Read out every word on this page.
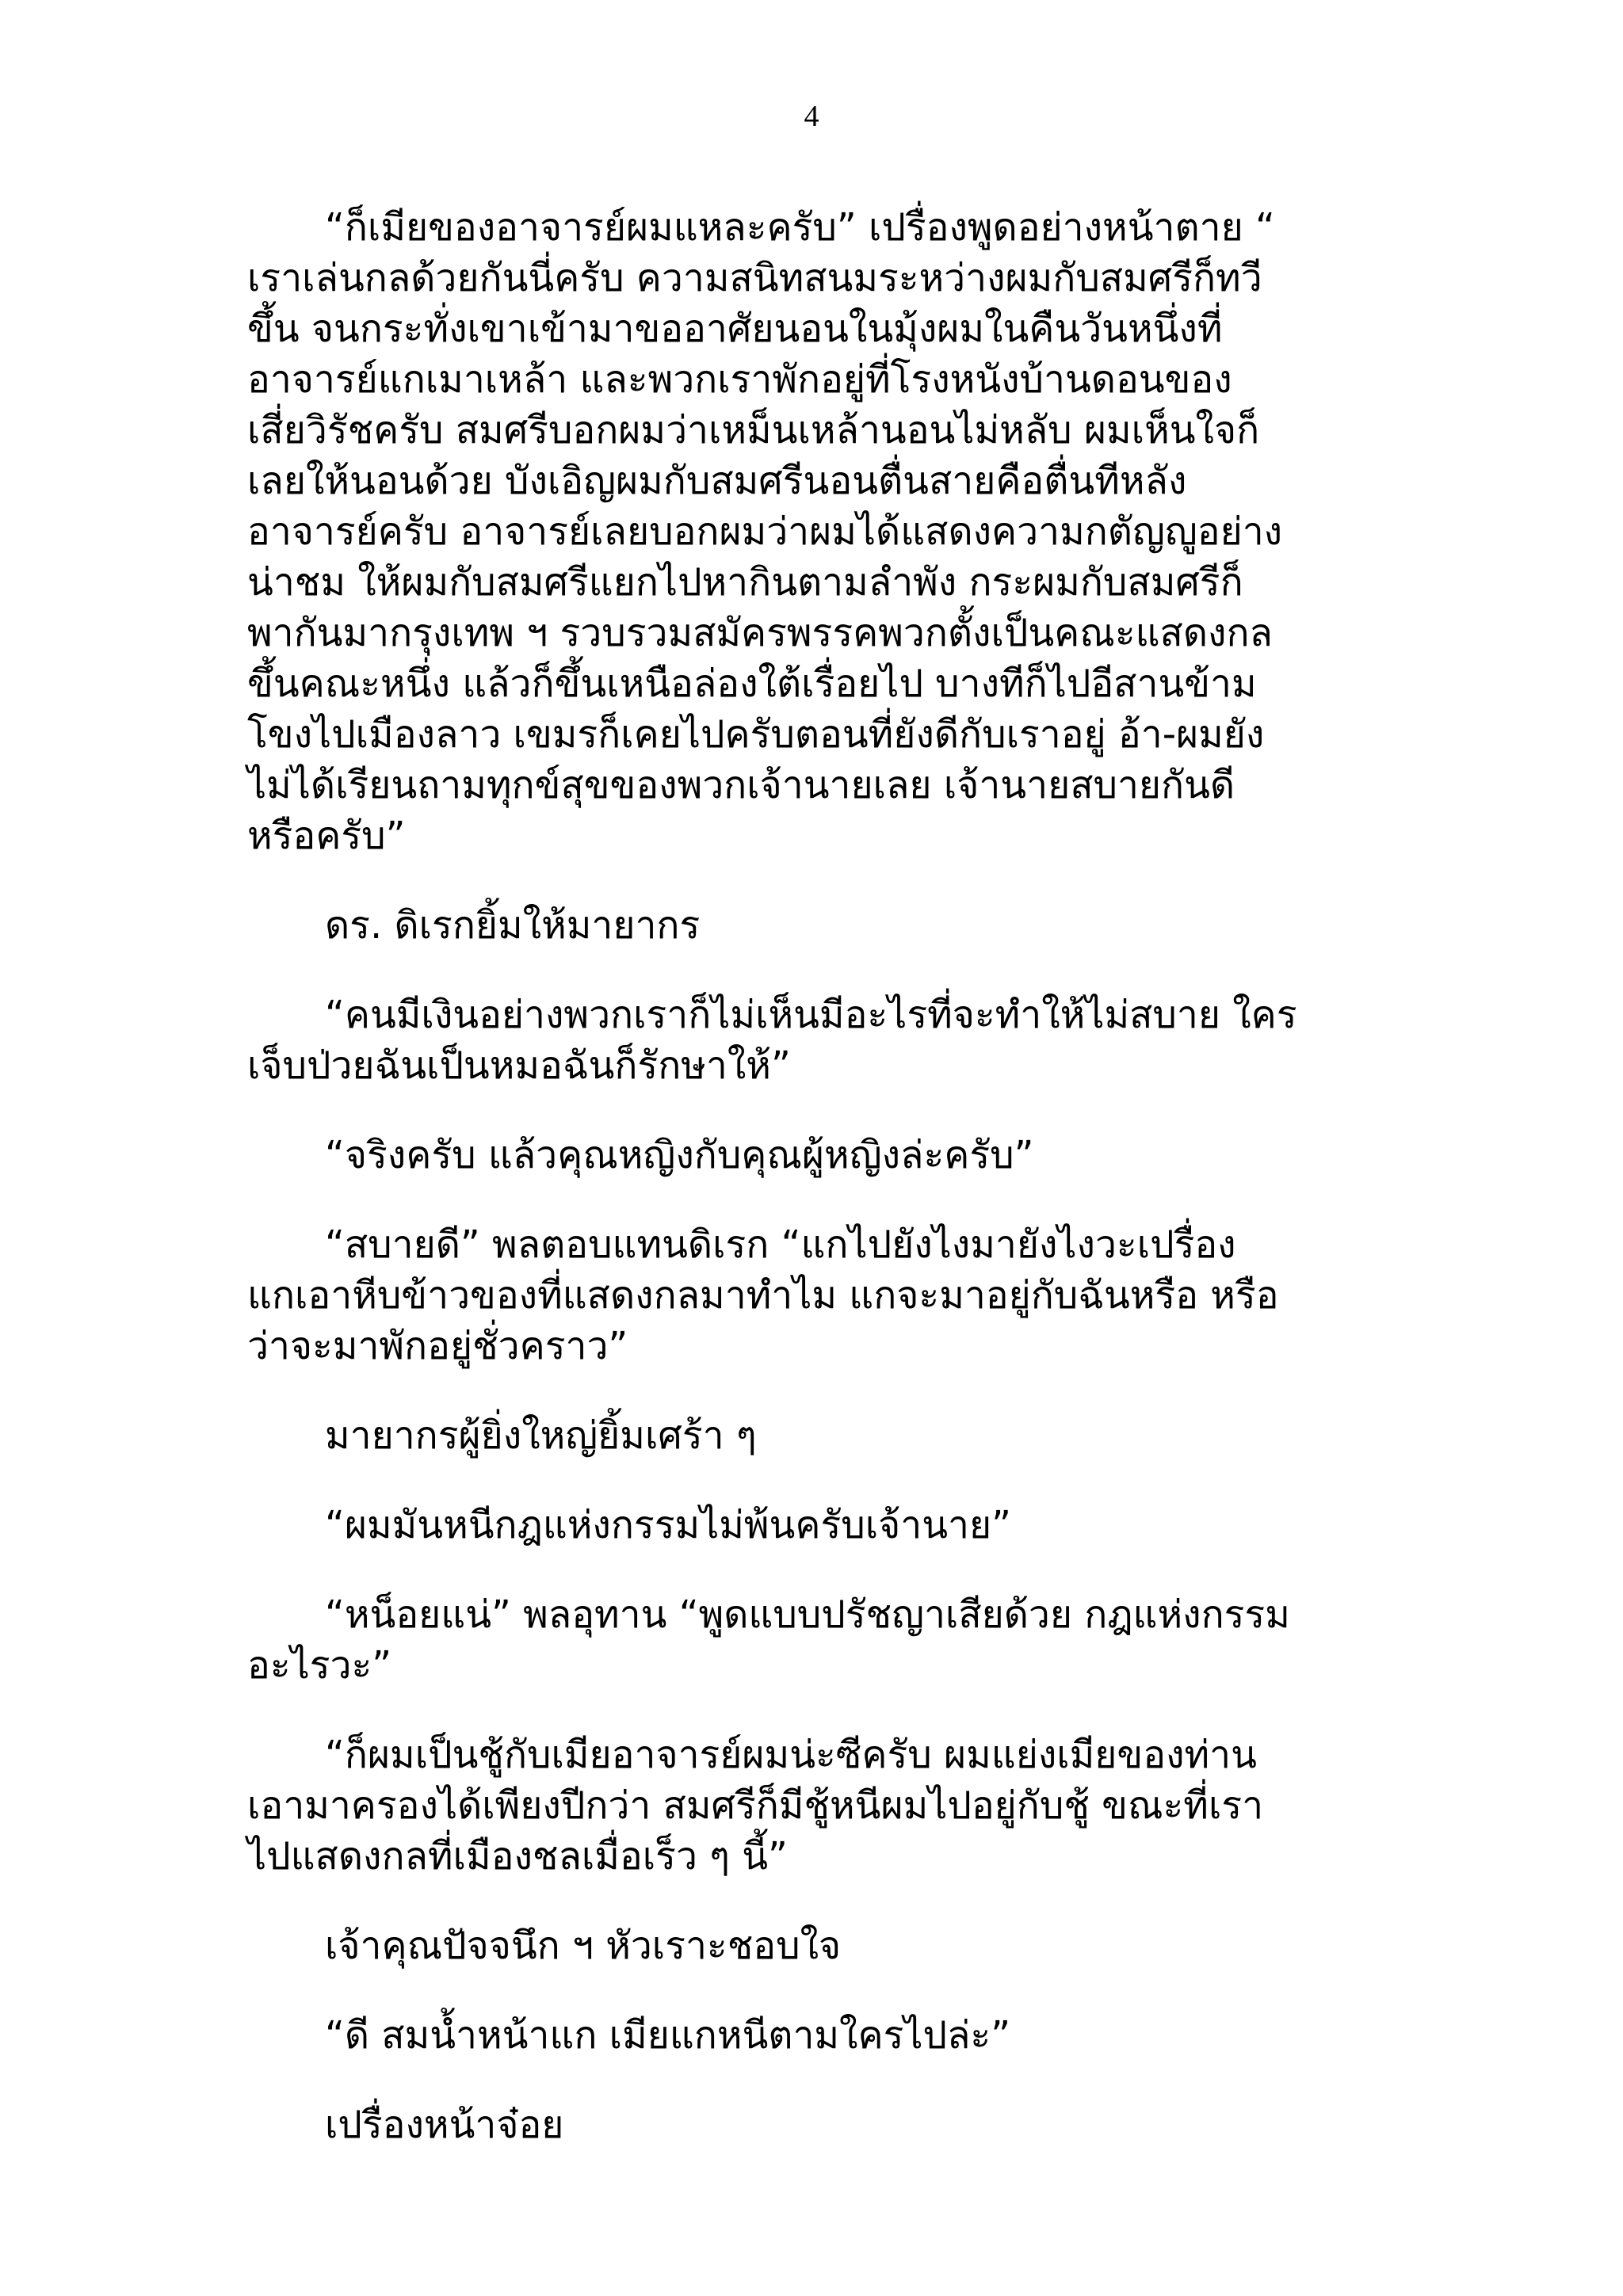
4
“ก็เมียของอาจารย์ผมแหละครับ” เปรื่องพูดอย่างหน้าตาย “
เราเล่นกลด้วยกันนี่ครับ ความสนิทสนมระหว่างผมกับสมศรีก็ทวี
ขึ้น จนกระทั่งเขาเข้ามาขออาศัยนอนในมุ้งผมในคืนวันหนึ่งที่
อาจารย์แกเมาเหล้า และพวกเราพักอยู่ที่โรงหนังบ้านดอนของ
เสี่ยวิรัชครับ สมศรีบอกผมว่าเหม็นเหล้านอนไม่หลับ ผมเห็นใจก็
เลยให้นอนด้วย บังเอิญผมกับสมศรีนอนตื่นสายคือตื่นทีหลัง
อาจารย์ครับ อาจารย์เลยบอกผมว่าผมได้แสดงความกตัญญูอย่าง
น่าชม ให้ผมกับสมศรีแยกไปหากินตามลำพัง กระผมกับสมศรีก็
พากันมากรุงเทพ ฯ รวบรวมสมัครพรรคพวกตั้งเป็นคณะแสดงกล
ขึ้นคณะหนึ่ง แล้วก็ขึ้นเหนือล่องใต้เรื่อยไป บางทีก็ไปอีสานข้าม
โขงไปเมืองลาว เขมรก็เคยไปครับตอนที่ยังดีกับเราอยู่ อ้า-ผมยัง
ไม่ได้เรียนถามทุกข์สุขของพวกเจ้านายเลย เจ้านายสบายกันดี
หรือครับ”
ดร. ดิเรกยิ้มให้มายากร
“คนมีเงินอย่างพวกเราก็ไม่เห็นมีอะไรที่จะทำให้ไม่สบาย ใคร
เจ็บป่วยฉันเป็นหมอฉันก็รักษาให้”
“จริงครับ แล้วคุณหญิงกับคุณผู้หญิงล่ะครับ”
“สบายดี” พลตอบแทนดิเรก “แกไปยังไงมายังไงวะเปรื่อง
แกเอาหีบข้าวของที่แสดงกลมาทำไม แกจะมาอยู่กับฉันหรือ หรือ
ว่าจะมาพักอยู่ชั่วคราว”
มายากรผู้ยิ่งใหญ่ยิ้มเศร้า ๆ
“ผมมันหนีกฎแห่งกรรมไม่พ้นครับเจ้านาย”
“หน็อยแน่” พลอุทาน “พูดแบบปรัชญาเสียด้วย กฎแห่งกรรม
อะไรวะ”
“ก็ผมเป็นชู้กับเมียอาจารย์ผมน่ะซีครับ ผมแย่งเมียของท่าน
เอามาครองได้เพียงปีกว่า สมศรีก็มีชู้หนีผมไปอยู่กับชู้ ขณะที่เรา
ไปแสดงกลที่เมืองชลเมื่อเร็ว ๆ นี้”
เจ้าคุณปัจจนึก ฯ หัวเราะชอบใจ
“ดี สมน้ำหน้าแก เมียแกหนีตามใครไปล่ะ”
เปรื่องหน้าจ๋อย
